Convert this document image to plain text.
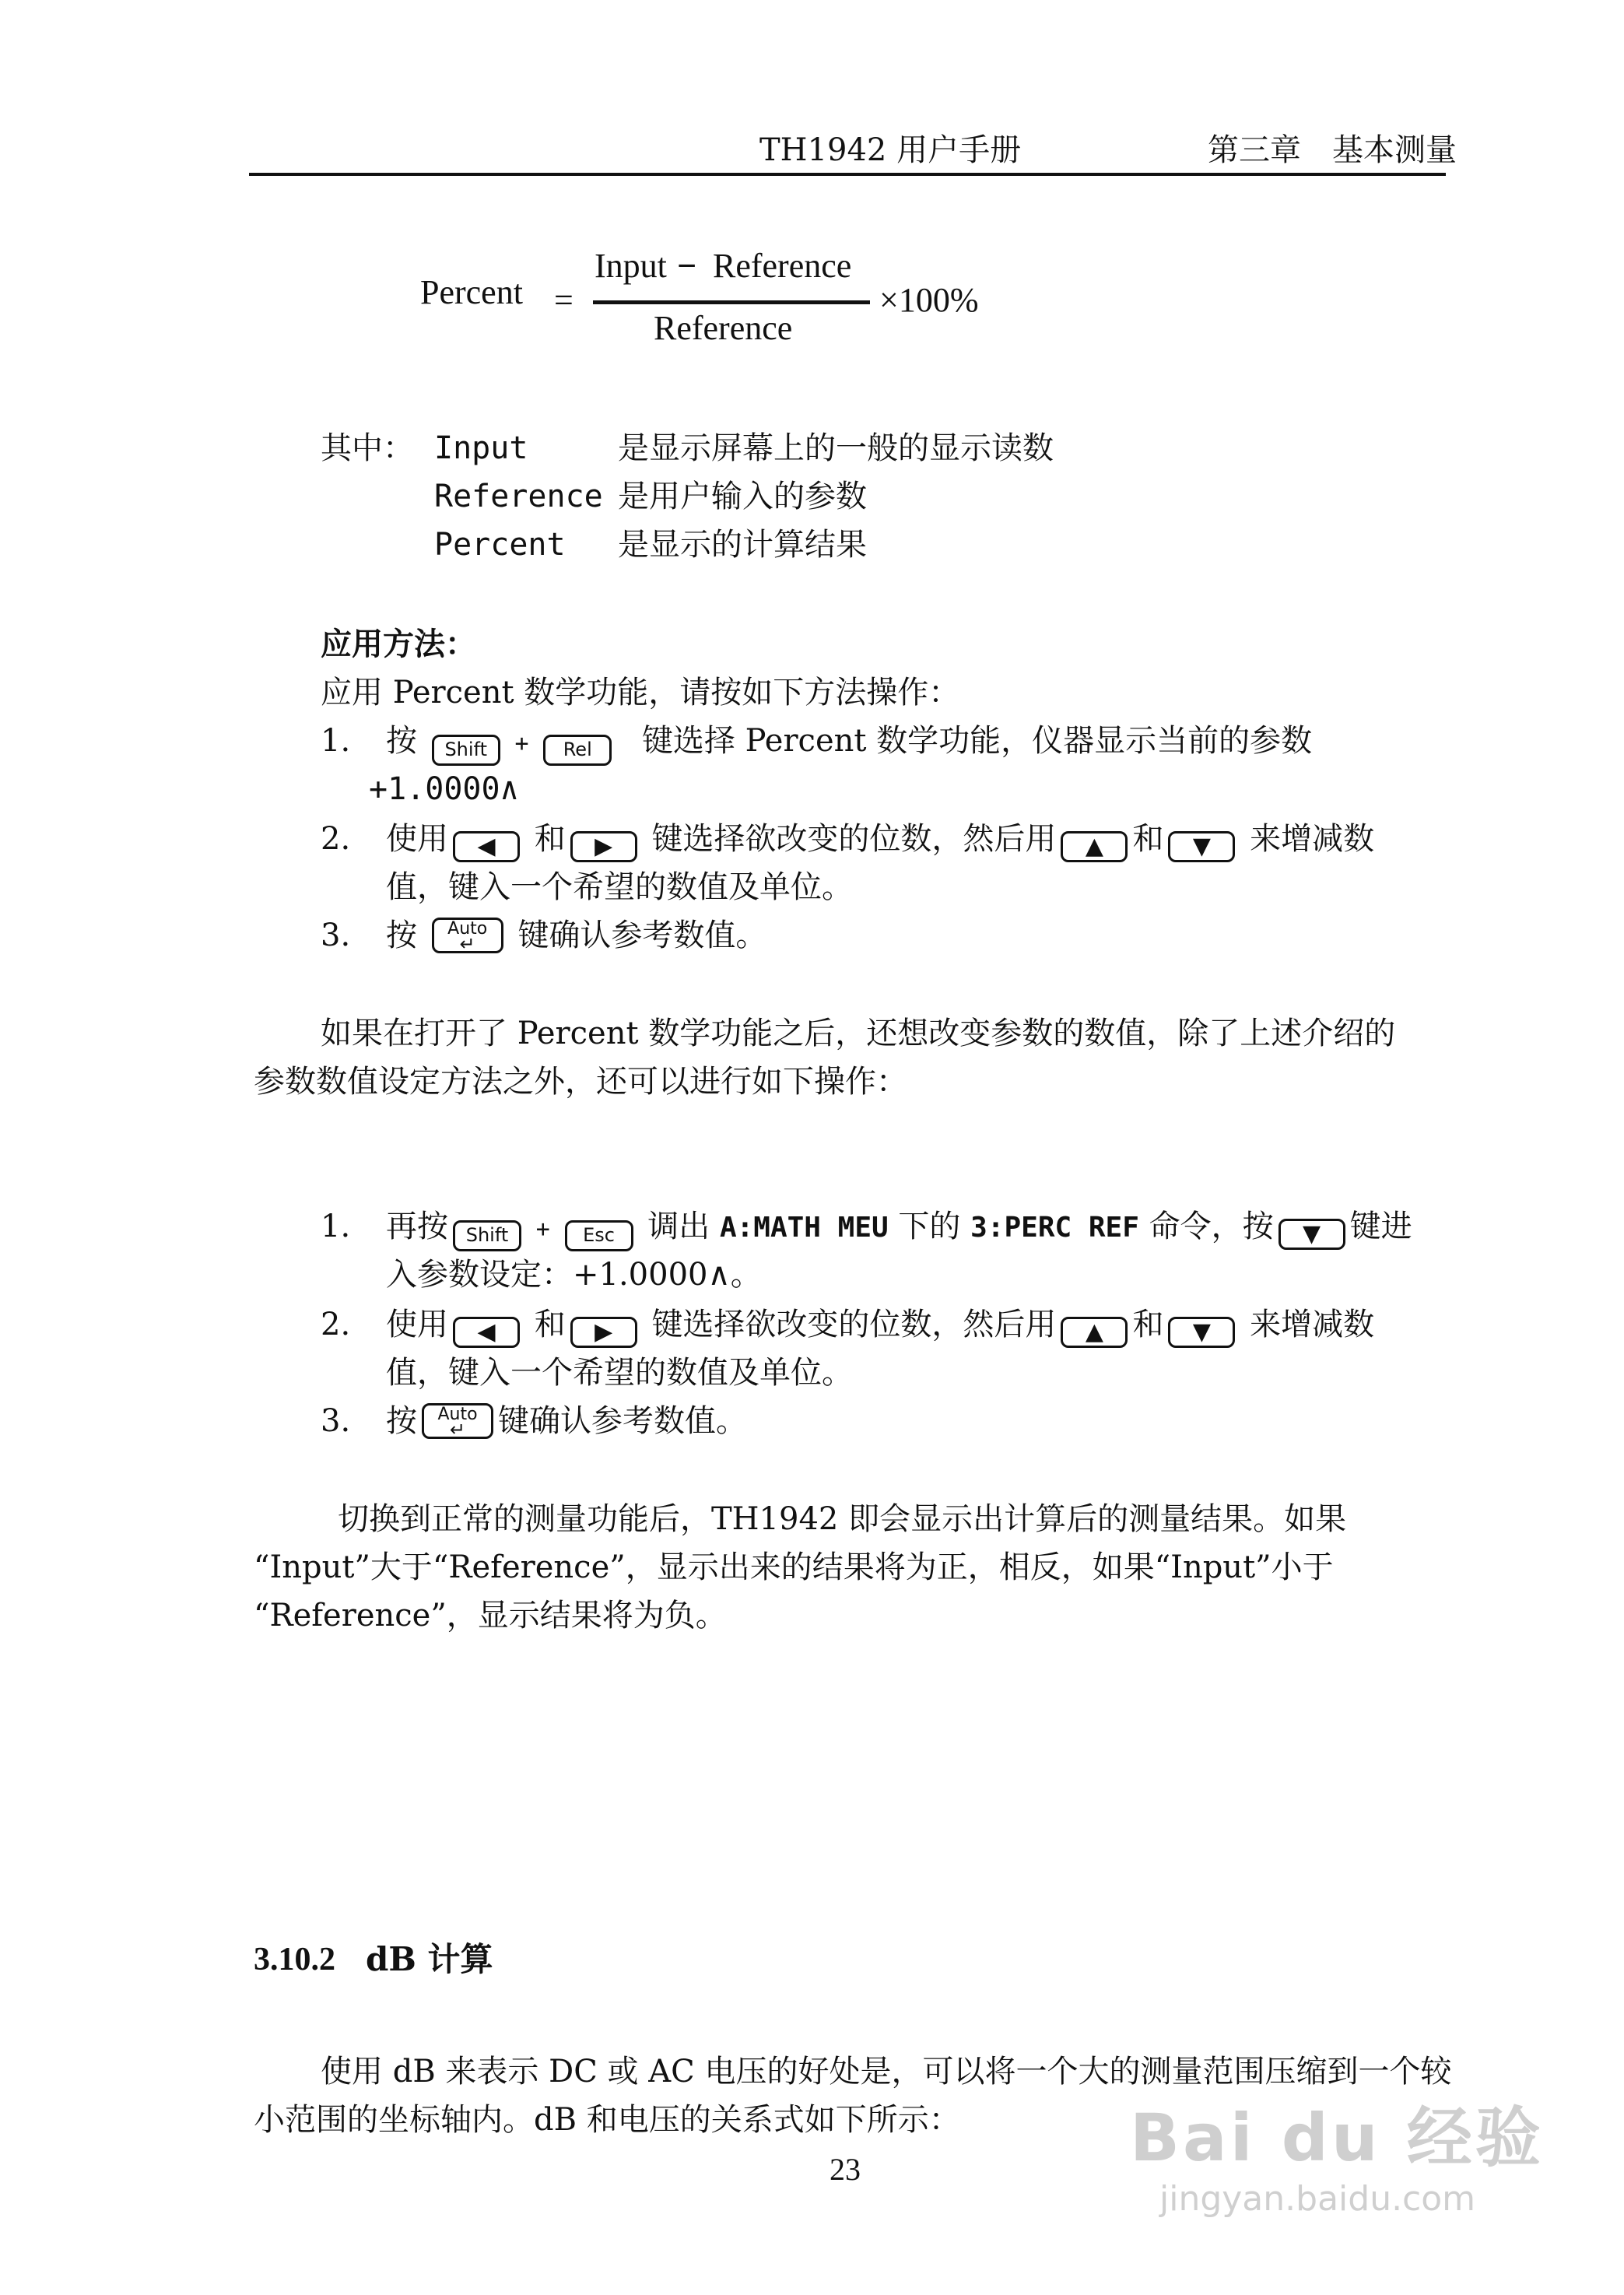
TH1942 用户手册	第三章　基本测量
Percent =
Input − Reference
Reference
×100%
其中： Input	是显示屏幕上的一般的显示读数
Reference 是用户输入的参数
Percent 是显示的计算结果
应用方法：
应用 Percent 数学功能，请按如下方法操作：
1. 按 Shift + Rel 键选择 Percent 数学功能，仪器显示当前的参数
+1.0000∧
2. 使用 ◀ 和 ▶ 键选择欲改变的位数，然后用 ▲ 和 ▼ 来增减数
值，键入一个希望的数值及单位。
3. 按 Auto
↵	键确认参考数值。
如果在打开了 Percent 数学功能之后，还想改变参数的数值，除了上述介绍的
参数数值设定方法之外，还可以进行如下操作：
1. 再按 Shift + Esc 调出 A:MATH MEU 下的 3:PERC REF 命令，按 ▼ 键进
入参数设定：+1.0000∧。
2. 使用 ◀ 和 ▶ 键选择欲改变的位数，然后用 ▲ 和 ▼ 来增减数
值，键入一个希望的数值及单位。
3. 按 Auto
↵	键确认参考数值。
切换到正常的测量功能后，TH1942 即会显示出计算后的测量结果。如果
“Input”大于“Reference”，显示出来的结果将为正，相反，如果“Input”小于
“Reference”，显示结果将为负。
3.10.2 dB 计算
使用 dB 来表示 DC 或 AC 电压的好处是，可以将一个大的测量范围压缩到一个较
小范围的坐标轴内。dB 和电压的关系式如下所示：
23	Bai du 经验
jingyan.baidu.com
